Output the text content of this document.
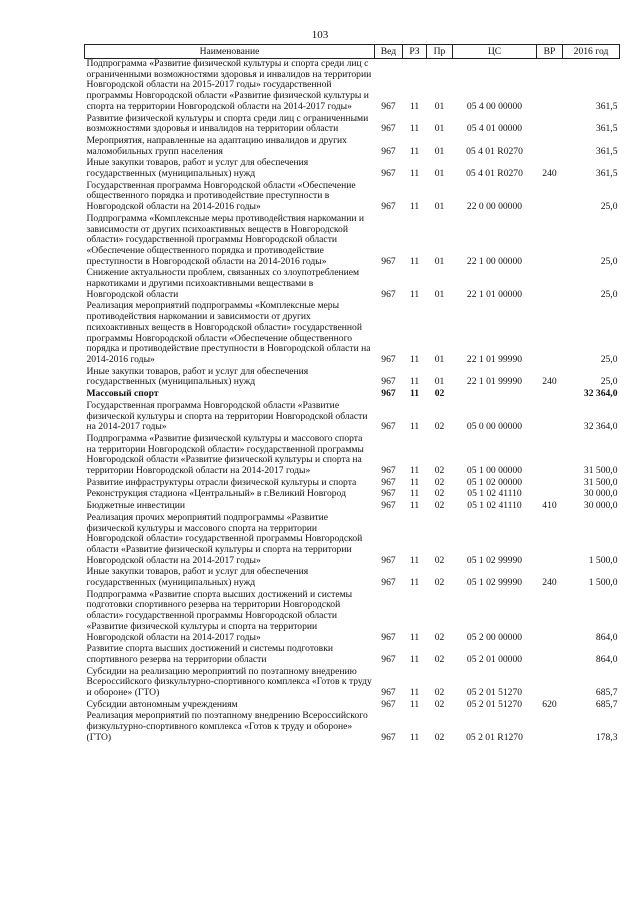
103
Наименование	Вед	РЗ	Пр	ЦС	ВР	2016 год
Подпрограмма «Развитие физической культуры и спорта среди лиц с ограниченными возможностями здоровья и инвалидов на территории Новгородской области на 2015-2017 годы» государственной программы Новгородской области «Развитие физической культуры и спорта на территории Новгородской области на 2014-2017 годы»	967	11	01	05 4 00 00000		361,5
Развитие физической культуры и спорта среди лиц с ограниченными возможностями здоровья и инвалидов на территории области	967	11	01	05 4 01 00000		361,5
Мероприятия, направленные на адаптацию инвалидов и других маломобильных групп населения	967	11	01	05 4 01 R0270		361,5
Иные закупки товаров, работ и услуг для обеспечения государственных (муниципальных) нужд	967	11	01	05 4 01 R0270	240	361,5
Государственная программа Новгородской области «Обеспечение общественного порядка и противодействие преступности в Новгородской области на 2014-2016 годы»	967	11	01	22 0 00 00000		25,0
Подпрограмма «Комплексные меры противодействия наркомании и зависимости от других психоактивных веществ в Новгородской области» государственной программы Новгородской области «Обеспечение общественного порядка и противодействие преступности в Новгородской области на 2014-2016 годы»	967	11	01	22 1 00 00000		25,0
Снижение актуальности проблем, связанных со злоупотреблением наркотиками и другими психоактивными веществами в Новгородской области	967	11	01	22 1 01 00000		25,0
Реализация мероприятий подпрограммы «Комплексные меры противодействия наркомании и зависимости от других психоактивных веществ в Новгородской области» государственной программы Новгородской области «Обеспечение общественного порядка и противодействие преступности в Новгородской области на 2014-2016 годы»	967	11	01	22 1 01 99990		25,0
Иные закупки товаров, работ и услуг для обеспечения государственных (муниципальных) нужд	967	11	01	22 1 01 99990	240	25,0
Массовый спорт	967	11	02			32 364,0
Государственная программа Новгородской области «Развитие физической культуры и спорта на территории Новгородской области на 2014-2017 годы»	967	11	02	05 0 00 00000		32 364,0
Подпрограмма «Развитие физической культуры и массового спорта на территории Новгородской области» государственной программы Новгородской области «Развитие физической культуры и спорта на территории Новгородской области на 2014-2017 годы»	967	11	02	05 1 00 00000		31 500,0
Развитие инфраструктуры отрасли физической культуры и спорта	967	11	02	05 1 02 00000		31 500,0
Реконструкция стадиона «Центральный» в г.Великий Новгород	967	11	02	05 1 02 41110		30 000,0
Бюджетные инвестиции	967	11	02	05 1 02 41110	410	30 000,0
Реализация прочих мероприятий подпрограммы «Развитие физической культуры и массового спорта на территории Новгородской области» государственной программы Новгородской области «Развитие физической культуры и спорта на территории Новгородской области на 2014-2017 годы»	967	11	02	05 1 02 99990		1 500,0
Иные закупки товаров, работ и услуг для обеспечения государственных (муниципальных) нужд	967	11	02	05 1 02 99990	240	1 500,0
Подпрограмма «Развитие спорта высших достижений и системы подготовки спортивного резерва на территории Новгородской области» государственной программы Новгородской области «Развитие физической культуры и спорта на территории Новгородской области на 2014-2017 годы»	967	11	02	05 2 00 00000		864,0
Развитие спорта высших достижений и системы подготовки спортивного резерва на территории области	967	11	02	05 2 01 00000		864,0
Субсидии на реализацию мероприятий по поэтапному внедрению Всероссийского физкультурно-спортивного комплекса «Готов к труду и обороне» (ГТО)	967	11	02	05 2 01 51270		685,7
Субсидии автономным учреждениям	967	11	02	05 2 01 51270	620	685,7
Реализация мероприятий по поэтапному внедрению Всероссийского физкультурно-спортивного комплекса «Готов к труду и обороне» (ГТО)	967	11	02	05 2 01 R1270		178,3
